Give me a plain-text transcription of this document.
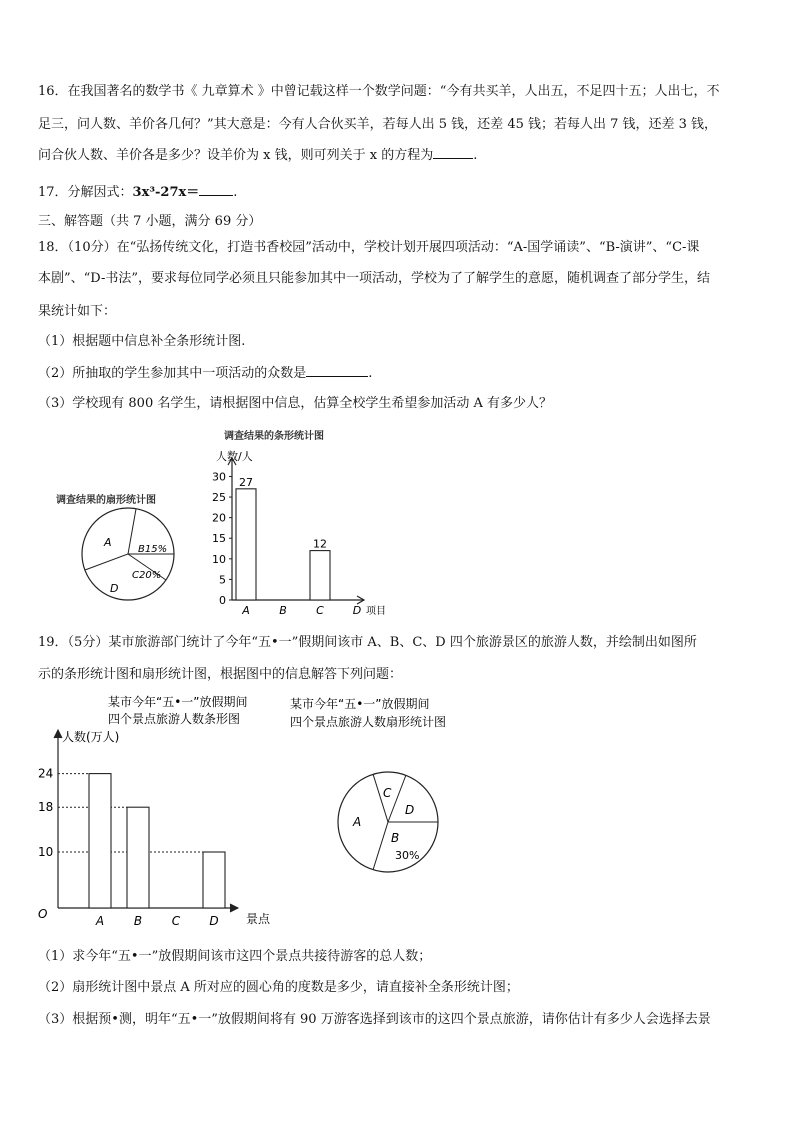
16．在我国著名的数学书《 九章算术 》中曾记载这样一个数学问题：“今有共买羊，人出五，不足四十五；人出七，不
足三，问人数、羊价各几何？”其大意是：今有人合伙买羊，若每人出 5 钱，还差 45 钱；若每人出 7 钱，还差 3 钱，
问合伙人数、羊价各是多少？设羊价为 x 钱，则可列关于 x 的方程为	.
17．分解因式：3x³-27x＝	.
三、解答题（共 7 小题，满分 69 分）
18．（10分）在“弘扬传统文化，打造书香校园”活动中，学校计划开展四项活动：“A-国学诵读”、“B-演讲”、“C-课
本剧”、“D-书法”，要求每位同学必须且只能参加其中一项活动，学校为了了解学生的意愿，随机调查了部分学生，结
果统计如下：
（1）根据题中信息补全条形统计图.
（2）所抽取的学生参加其中一项活动的众数是	.
（3）学校现有 800 名学生，请根据图中信息，估算全校学生希望参加活动 A 有多少人？
调查结果的扇形统计图
A
B15%
C20%
D
调查结果的条形统计图
人数/人
项目
0
5
10
15
20
25
30
A
27
B	C
12
D
19．（5分）某市旅游部门统计了今年“五•一”假期间该市 A、B、C、D 四个旅游景区的旅游人数，并绘制出如图所
示的条形统计图和扇形统计图，根据图中的信息解答下列问题：
某市今年“五•一”放假期间
四个景点旅游人数条形图
人数(万人)
景点
O
10
18
24
A B C D
某市今年“五•一”放假期间
四个景点旅游人数扇形统计图
A
B
30%
C
D
（1）求今年“五•一”放假期间该市这四个景点共接待游客的总人数；
（2）扇形统计图中景点 A 所对应的圆心角的度数是多少，请直接补全条形统计图；
（3）根据预•测，明年“五•一”放假期间将有 90 万游客选择到该市的这四个景点旅游，请你估计有多少人会选择去景
